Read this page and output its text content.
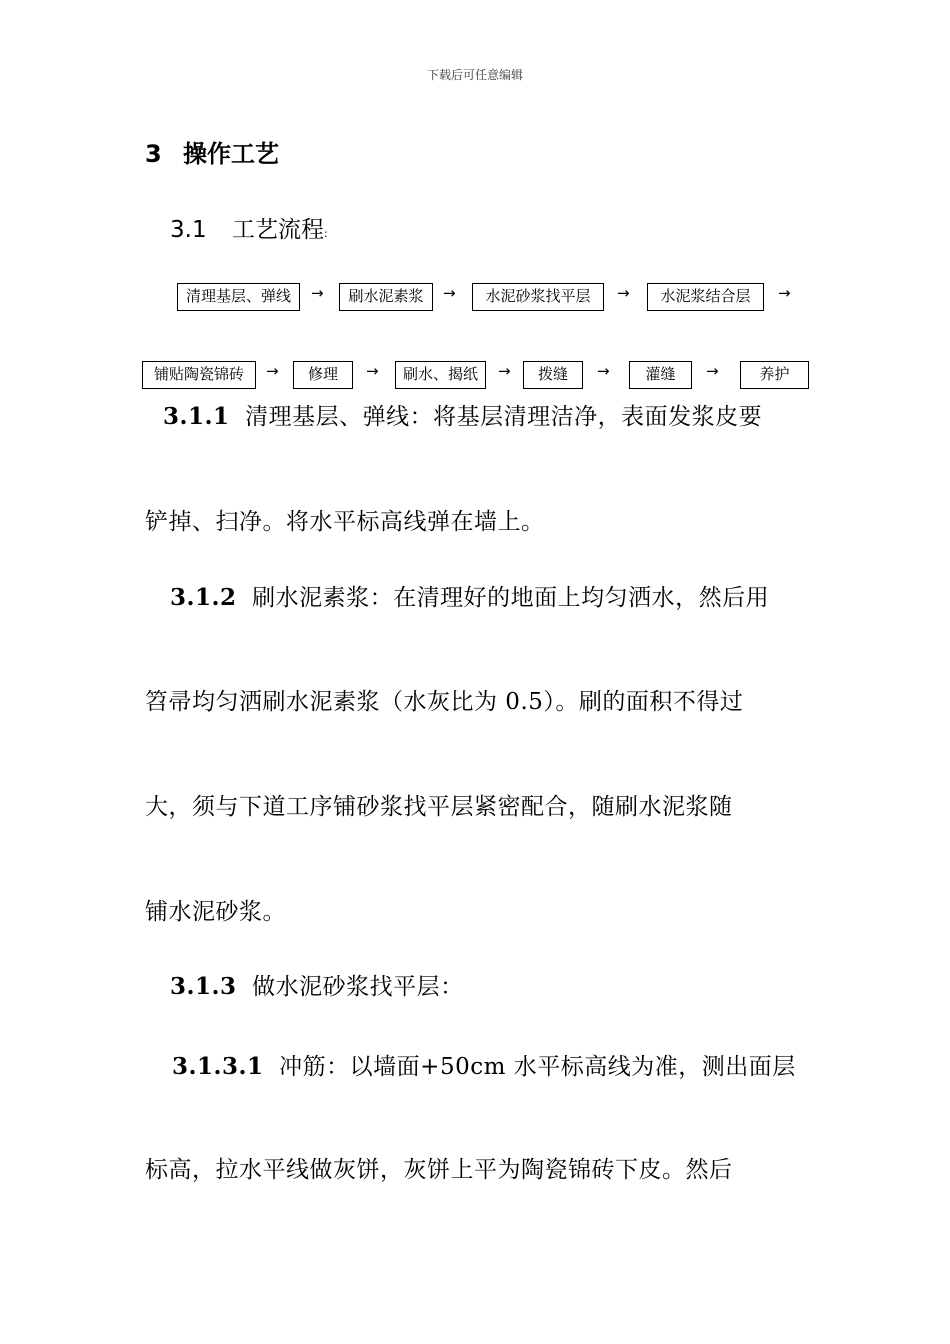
下载后可任意编辑
3 操作工艺
3.1 工艺流程:
清理基层、弹线	→	刷水泥素浆	→	水泥砂浆找平层	→	水泥浆结合层	→
铺贴陶瓷锦砖	→	修理	→	刷水、揭纸	→	拨缝	→	灌缝	→	养护
3.1.1 清理基层、弹线：将基层清理洁净，表面发浆皮要
铲掉、扫净。将水平标高线弹在墙上。
3.1.2 刷水泥素浆：在清理好的地面上均匀洒水，然后用
笤帚均匀洒刷水泥素浆（水灰比为 0.5）。刷的面积不得过
大，须与下道工序铺砂浆找平层紧密配合，随刷水泥浆随
铺水泥砂浆。
3.1.3 做水泥砂浆找平层：
3.1.3.1 冲筋：以墙面+50cm 水平标高线为准，测出面层
标高，拉水平线做灰饼，灰饼上平为陶瓷锦砖下皮。然后
